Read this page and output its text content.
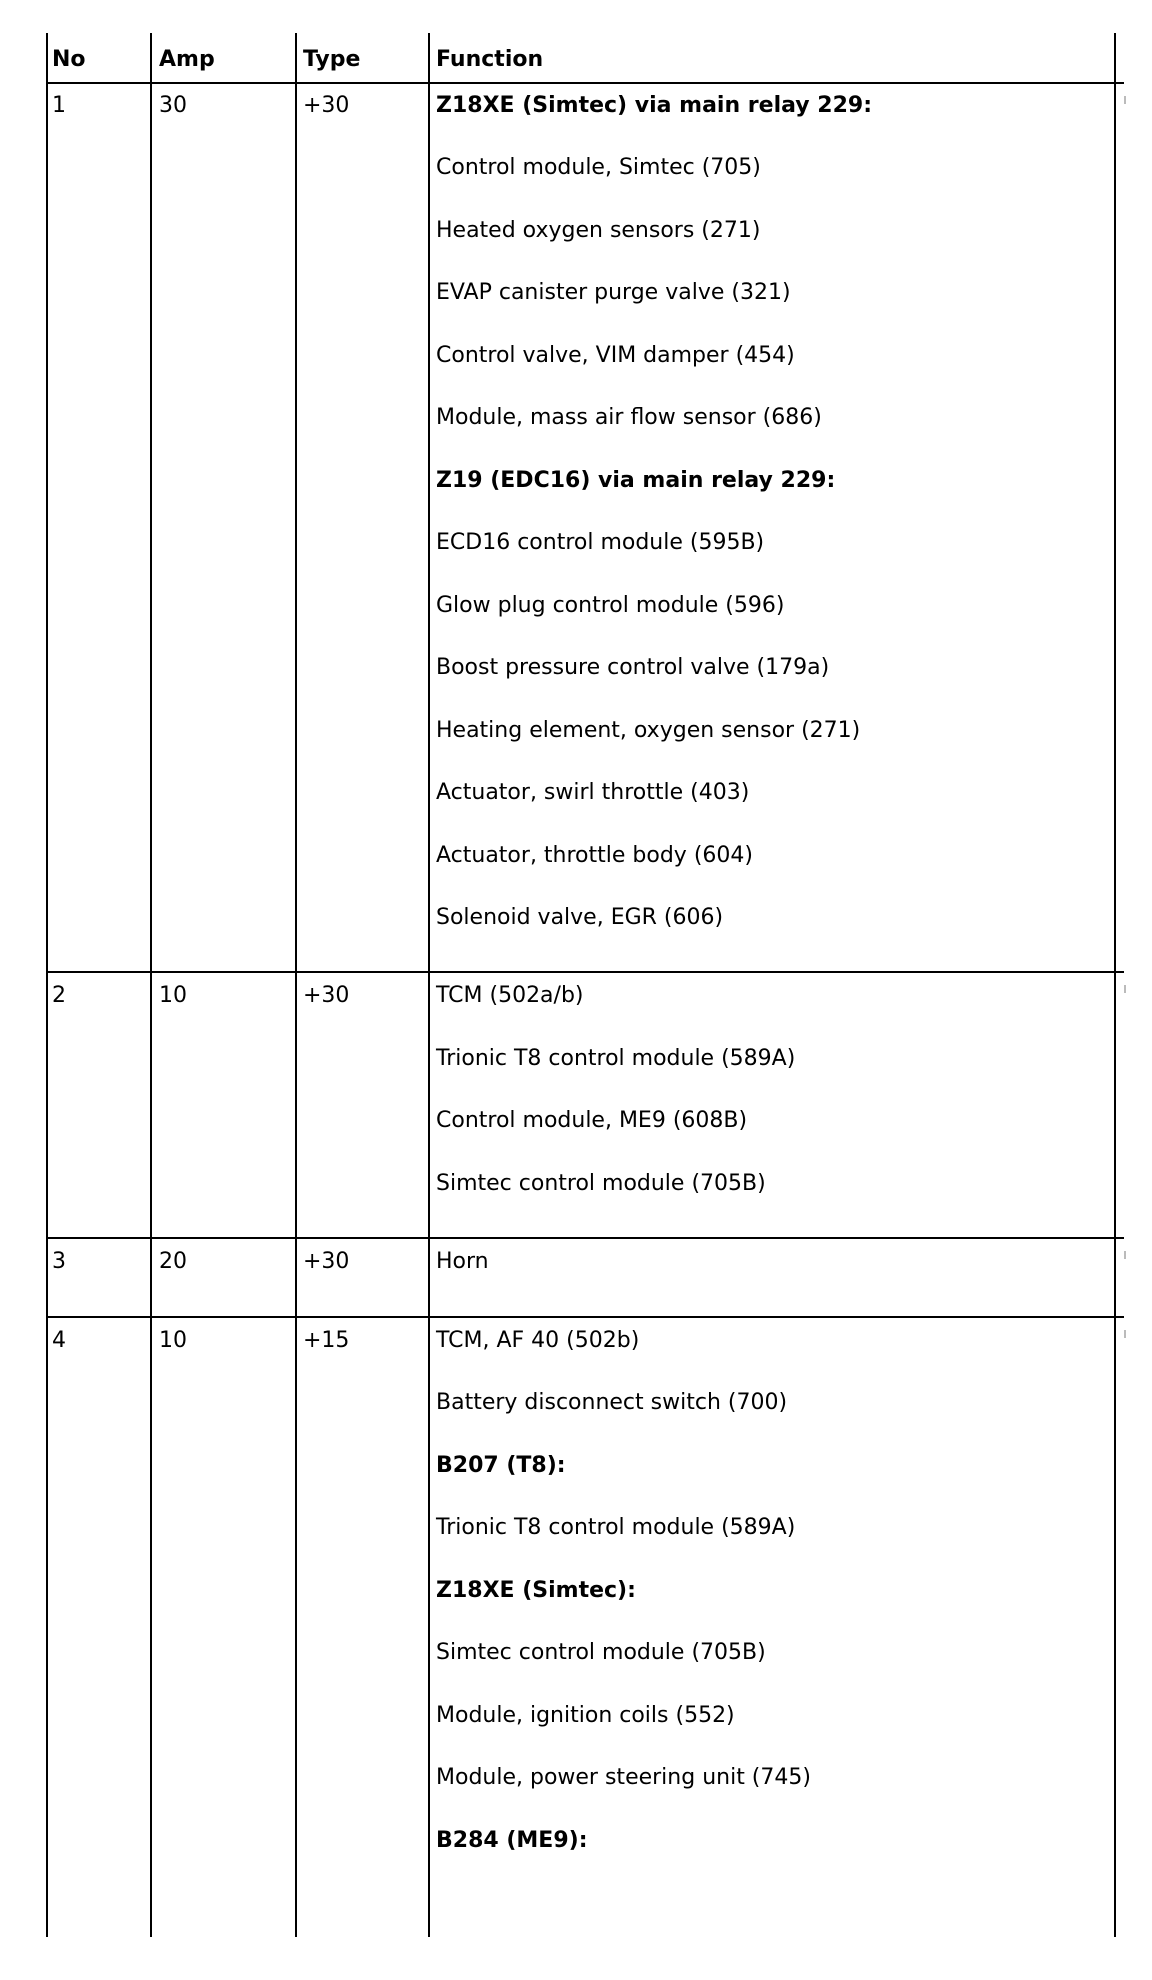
No	Amp	Type	Function
1	30	+30	Z18XE (Simtec) via main relay 229:
Control module, Simtec (705)
Heated oxygen sensors (271)
EVAP canister purge valve (321)
Control valve, VIM damper (454)
Module, mass air flow sensor (686)
Z19 (EDC16) via main relay 229:
ECD16 control module (595B)
Glow plug control module (596)
Boost pressure control valve (179a)
Heating element, oxygen sensor (271)
Actuator, swirl throttle (403)
Actuator, throttle body (604)
Solenoid valve, EGR (606)
2	10	+30	TCM (502a/b)
Trionic T8 control module (589A)
Control module, ME9 (608B)
Simtec control module (705B)
3	20	+30	Horn
4	10	+15	TCM, AF 40 (502b)
Battery disconnect switch (700)
B207 (T8):
Trionic T8 control module (589A)
Z18XE (Simtec):
Simtec control module (705B)
Module, ignition coils (552)
Module, power steering unit (745)
B284 (ME9):
